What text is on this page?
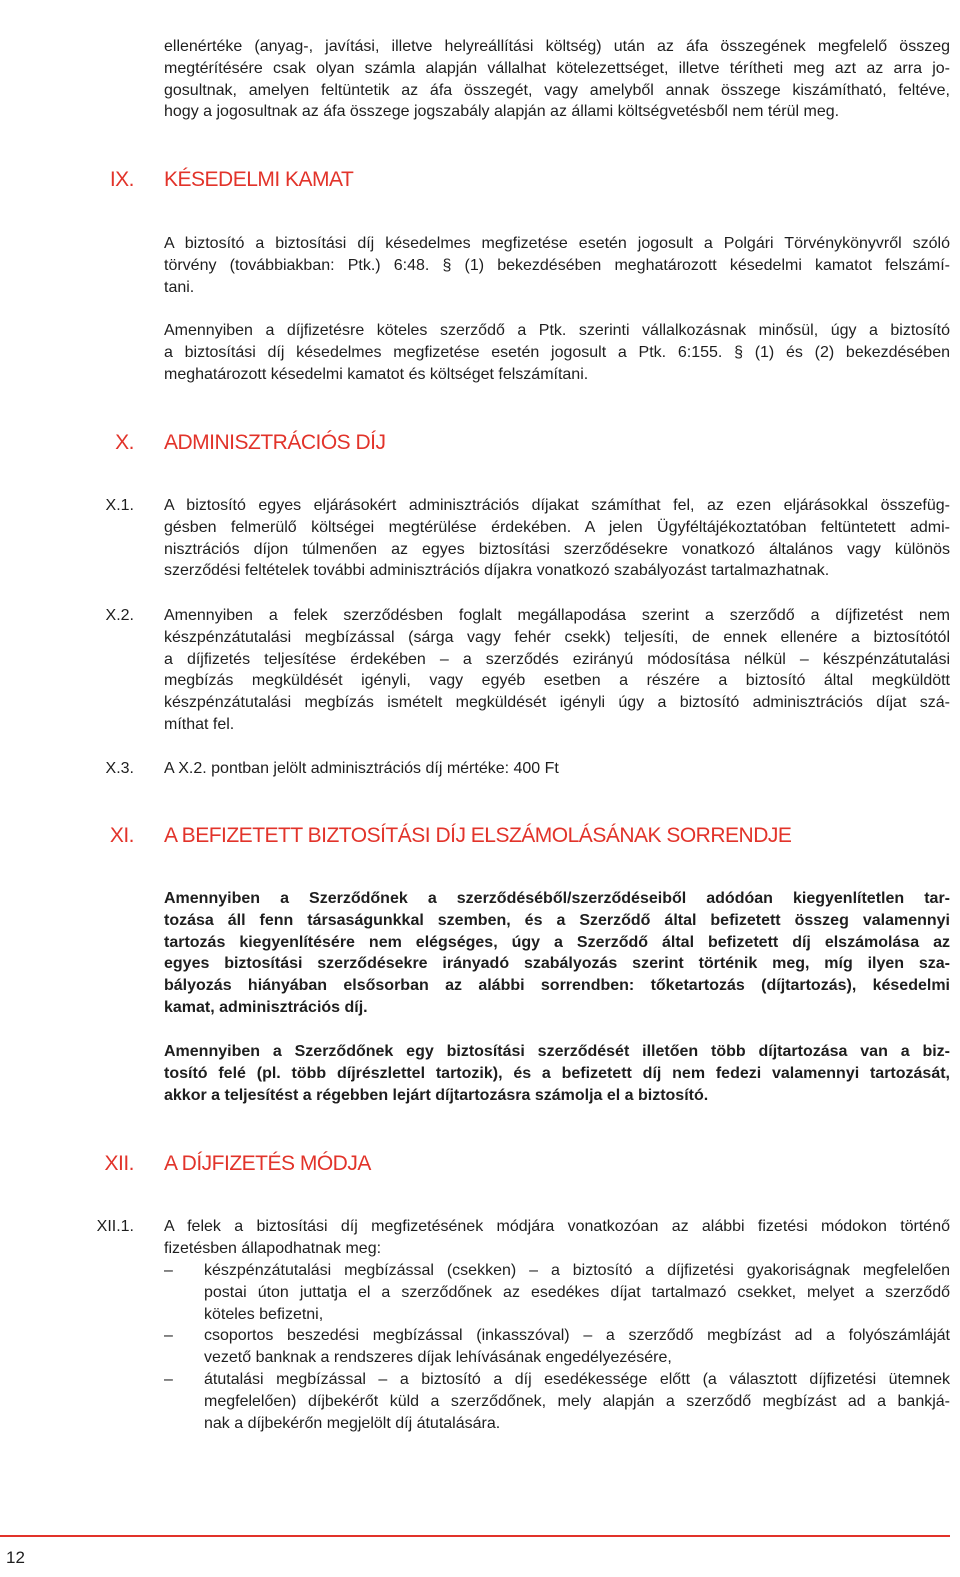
ellenértéke (anyag-, javítási, illetve helyreállítási költség) után az áfa összegének megfelelő összeg
megtérítésére csak olyan számla alapján vállalhat kötelezettséget, illetve térítheti meg azt az arra jo-
gosultnak, amelyen feltüntetik az áfa összegét, vagy amelyből annak összege kiszámítható, feltéve,
hogy a jogosultnak az áfa összege jogszabály alapján az állami költségvetésből nem térül meg.
IX. KÉSEDELMI KAMAT
A biztosító a biztosítási díj késedelmes megfizetése esetén jogosult a Polgári Törvénykönyvről szóló
törvény (továbbiakban: Ptk.) 6:48. § (1) bekezdésében meghatározott késedelmi kamatot felszámí-
tani.
Amennyiben a díjfizetésre köteles szerződő a Ptk. szerinti vállalkozásnak minősül, úgy a biztosító
a biztosítási díj késedelmes megfizetése esetén jogosult a Ptk. 6:155. § (1) és (2) bekezdésében
meghatározott késedelmi kamatot és költséget felszámítani.
X. ADMINISZTRÁCIÓS DÍJ
X.1. A biztosító egyes eljárásokért adminisztrációs díjakat számíthat fel, az ezen eljárásokkal összefüg-
gésben felmerülő költségei megtérülése érdekében. A jelen Ügyféltájékoztatóban feltüntetett admi-
nisztrációs díjon túlmenően az egyes biztosítási szerződésekre vonatkozó általános vagy különös
szerződési feltételek további adminisztrációs díjakra vonatkozó szabályozást tartalmazhatnak.
X.2. Amennyiben a felek szerződésben foglalt megállapodása szerint a szerződő a díjfizetést nem
készpénzátutalási megbízással (sárga vagy fehér csekk) teljesíti, de ennek ellenére a biztosítótól
a díjfizetés teljesítése érdekében – a szerződés ezirányú módosítása nélkül – készpénzátutalási
megbízás megküldését igényli, vagy egyéb esetben a részére a biztosító által megküldött
készpénzátutalási megbízás ismételt megküldését igényli úgy a biztosító adminisztrációs díjat szá-
míthat fel.
X.3. A X.2. pontban jelölt adminisztrációs díj mértéke: 400 Ft
XI. A BEFIZETETT BIZTOSÍTÁSI DÍJ ELSZÁMOLÁSÁNAK SORRENDJE
Amennyiben a Szerződőnek a szerződéséből/szerződéseiből adódóan kiegyenlítetlen tar-
tozása áll fenn társaságunkkal szemben, és a Szerződő által befizetett összeg valamennyi
tartozás kiegyenlítésére nem elégséges, úgy a Szerződő által befizetett díj elszámolása az
egyes biztosítási szerződésekre irányadó szabályozás szerint történik meg, míg ilyen sza-
bályozás hiányában elsősorban az alábbi sorrendben: tőketartozás (díjtartozás), késedelmi
kamat, adminisztrációs díj.
Amennyiben a Szerződőnek egy biztosítási szerződését illetően több díjtartozása van a biz-
tosító felé (pl. több díjrészlettel tartozik), és a befizetett díj nem fedezi valamennyi tartozását,
akkor a teljesítést a régebben lejárt díjtartozásra számolja el a biztosító.
XII. A DÍJFIZETÉS MÓDJA
XII.1. A felek a biztosítási díj megfizetésének módjára vonatkozóan az alábbi fizetési módokon történő
fizetésben állapodhatnak meg:
– készpénzátutalási megbízással (csekken) – a biztosító a díjfizetési gyakoriságnak megfelelően
postai úton juttatja el a szerződőnek az esedékes díjat tartalmazó csekket, melyet a szerződő
köteles befizetni,
– csoportos beszedési megbízással (inkasszóval) – a szerződő megbízást ad a folyószámláját
vezető banknak a rendszeres díjak lehívásának engedélyezésére,
– átutalási megbízással – a biztosító a díj esedékessége előtt (a választott díjfizetési ütemnek
megfelelően) díjbekérőt küld a szerződőnek, mely alapján a szerződő megbízást ad a bankjá-
nak a díjbekérőn megjelölt díj átutalására.
12
